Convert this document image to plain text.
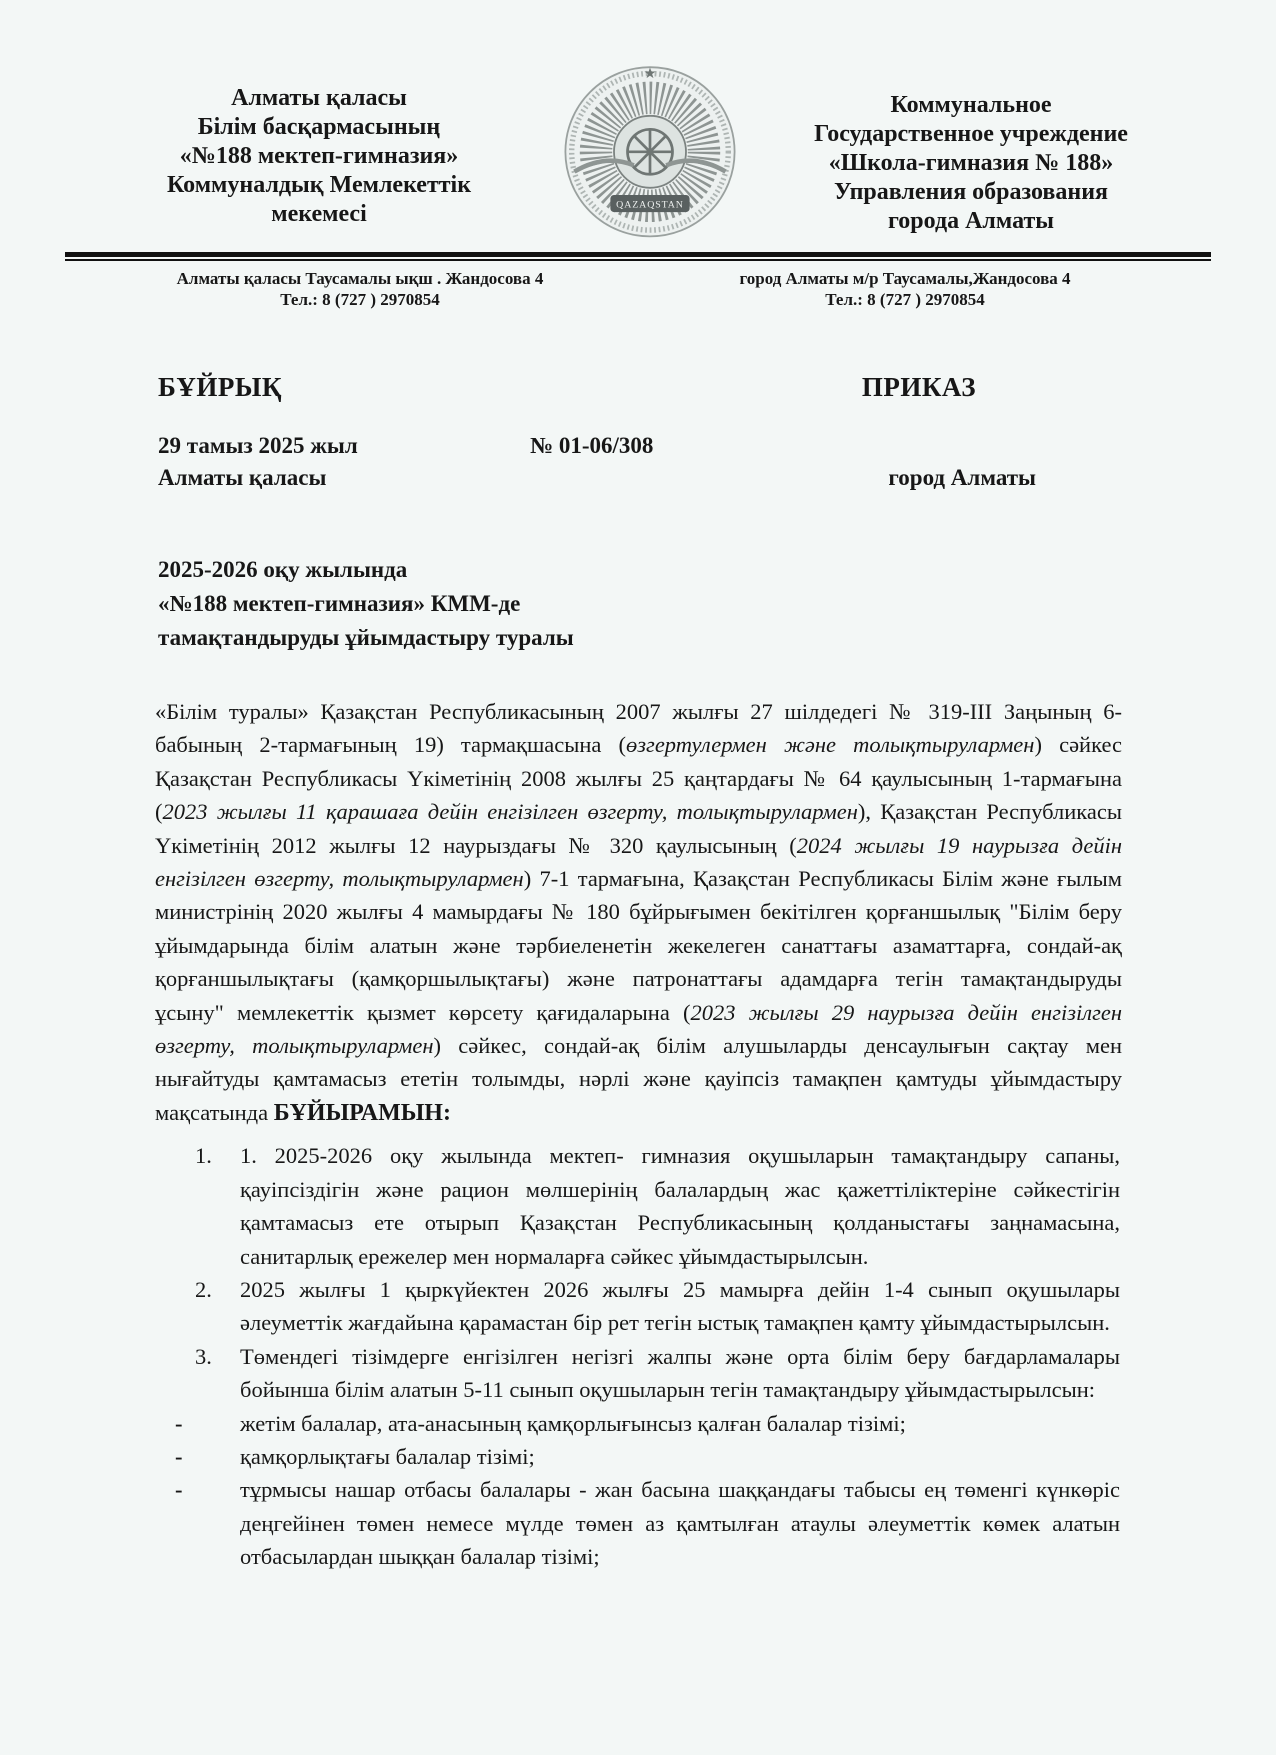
Алматы қаласы
Білім басқармасының
«№188 мектеп-гимназия»
Коммуналдық Мемлекеттік
мекемесі
★
QAZAQSTAN
Коммунальное
Государственное учреждение
«Школа-гимназия № 188»
Управления образования
города Алматы
Алматы қаласы Таусамалы ықш . Жандосова 4
Тел.: 8 (727 ) 2970854
город Алматы м/р Таусамалы,Жандосова 4
Тел.: 8 (727 ) 2970854
БҰЙРЫҚ	ПРИКАЗ
29 тамыз 2025 жыл	№ 01-06/308
Алматы қаласы	город Алматы
2025-2026 оқу жылында
«№188 мектеп-гимназия» КММ-де
тамақтандыруды ұйымдастыру туралы
«Білім туралы» Қазақстан Республикасының 2007 жылғы 27 шілдедегі № 319-III Заңының 6-бабының 2-тармағының 19) тармақшасына (өзгертулермен және толықтырулармен) сәйкес Қазақстан Республикасы Үкіметінің 2008 жылғы 25 қаңтардағы № 64 қаулысының 1-тармағына (2023 жылғы 11 қарашаға дейін енгізілген өзгерту, толықтырулармен), Қазақстан Республикасы Үкіметінің 2012 жылғы 12 наурыздағы № 320 қаулысының (2024 жылғы 19 наурызға дейін енгізілген өзгерту, толықтырулармен) 7-1 тармағына, Қазақстан Республикасы Білім және ғылым министрінің 2020 жылғы 4 мамырдағы № 180 бұйрығымен бекітілген қорғаншылық "Білім беру ұйымдарында білім алатын және тәрбиеленетін жекелеген санаттағы азаматтарға, сондай-ақ қорғаншылықтағы (қамқоршылықтағы) және патронаттағы адамдарға тегін тамақтандыруды ұсыну" мемлекеттік қызмет көрсету қағидаларына (2023 жылғы 29 наурызға дейін енгізілген өзгерту, толықтырулармен) сәйкес, сондай-ақ білім алушыларды денсаулығын сақтау мен нығайтуды қамтамасыз ететін толымды, нәрлі және қауіпсіз тамақпен қамтуды ұйымдастыру мақсатында БҰЙЫРАМЫН:
1.	1. 2025-2026 оқу жылында мектеп- гимназия оқушыларын тамақтандыру сапаны, қауіпсіздігін және рацион мөлшерінің балалардың жас қажеттіліктеріне сәйкестігін қамтамасыз ете отырып Қазақстан Республикасының қолданыстағы заңнамасына, санитарлық ережелер мен нормаларға сәйкес ұйымдастырылсын.
2.	2025 жылғы 1 қыркүйектен 2026 жылғы 25 мамырға дейін 1-4 сынып оқушылары әлеуметтік жағдайына қарамастан бір рет тегін ыстық тамақпен қамту ұйымдастырылсын.
3.	Төмендегі тізімдерге енгізілген негізгі жалпы және орта білім беру бағдарламалары бойынша білім алатын 5-11 сынып оқушыларын тегін тамақтандыру ұйымдастырылсын:
-	жетім балалар, ата-анасының қамқорлығынсыз қалған балалар тізімі;
-	қамқорлықтағы балалар тізімі;
-	тұрмысы нашар отбасы балалары - жан басына шаққандағы табысы ең төменгі күнкөріс деңгейінен төмен немесе мүлде төмен аз қамтылған атаулы әлеуметтік көмек алатын отбасылардан шыққан балалар тізімі;
